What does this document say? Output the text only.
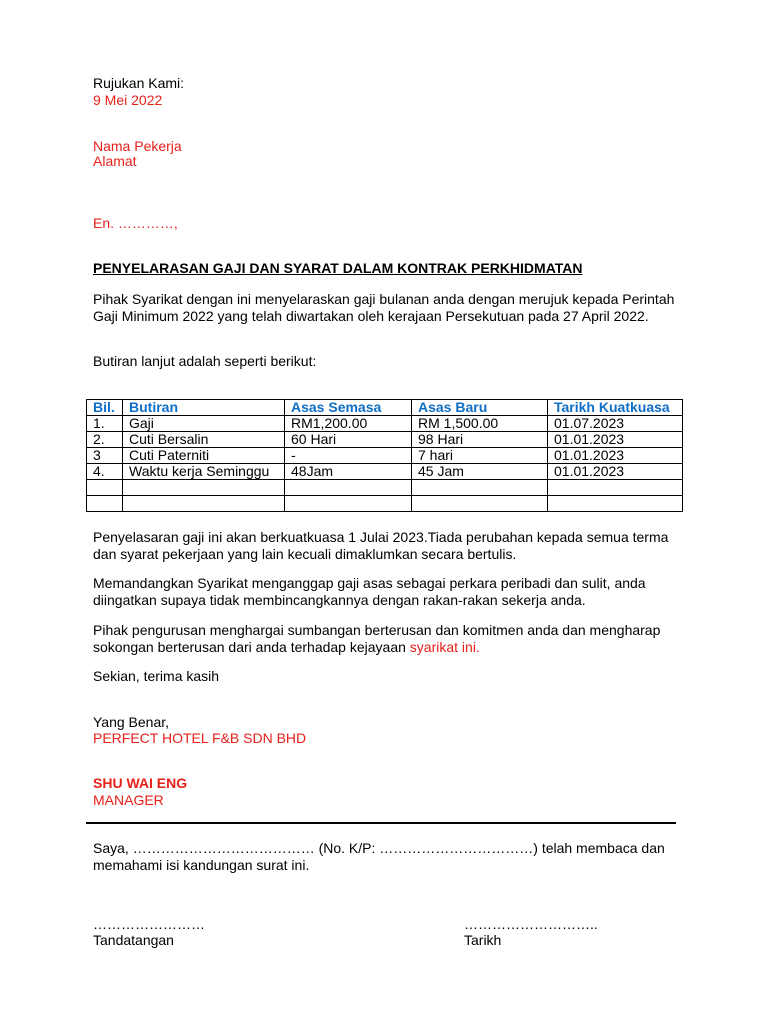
Rujukan Kami:
9 Mei 2022
Nama Pekerja
Alamat
En. …………,
PENYELARASAN GAJI DAN SYARAT DALAM KONTRAK PERKHIDMATAN
Pihak Syarikat dengan ini menyelaraskan gaji bulanan anda dengan merujuk kepada Perintah Gaji Minimum 2022 yang telah diwartakan oleh kerajaan Persekutuan pada 27 April 2022.
Butiran lanjut adalah seperti berikut:
Bil.	Butiran	Asas Semasa	Asas Baru	Tarikh Kuatkuasa
1.	Gaji	RM1,200.00	RM 1,500.00	01.07.2023
2.	Cuti Bersalin	60 Hari	98 Hari	01.01.2023
3	Cuti Paterniti	-	7 hari	01.01.2023
4.	Waktu kerja Seminggu	48Jam	45 Jam	01.01.2023

Penyelasaran gaji ini akan berkuatkuasa 1 Julai 2023.Tiada perubahan kepada semua terma dan syarat pekerjaan yang lain kecuali dimaklumkan secara bertulis.
Memandangkan Syarikat menganggap gaji asas sebagai perkara peribadi dan sulit, anda diingatkan supaya tidak membincangkannya dengan rakan-rakan sekerja anda.
Pihak pengurusan menghargai sumbangan berterusan dan komitmen anda dan mengharap sokongan berterusan dari anda terhadap kejayaan syarikat ini.
Sekian, terima kasih
Yang Benar,
PERFECT HOTEL F&B SDN BHD
SHU WAI ENG
MANAGER
Saya, ………………………………… (No. K/P: ……………………………) telah membaca dan memahami isi kandungan surat ini.
……………………
Tandatangan
………………………..
Tarikh
